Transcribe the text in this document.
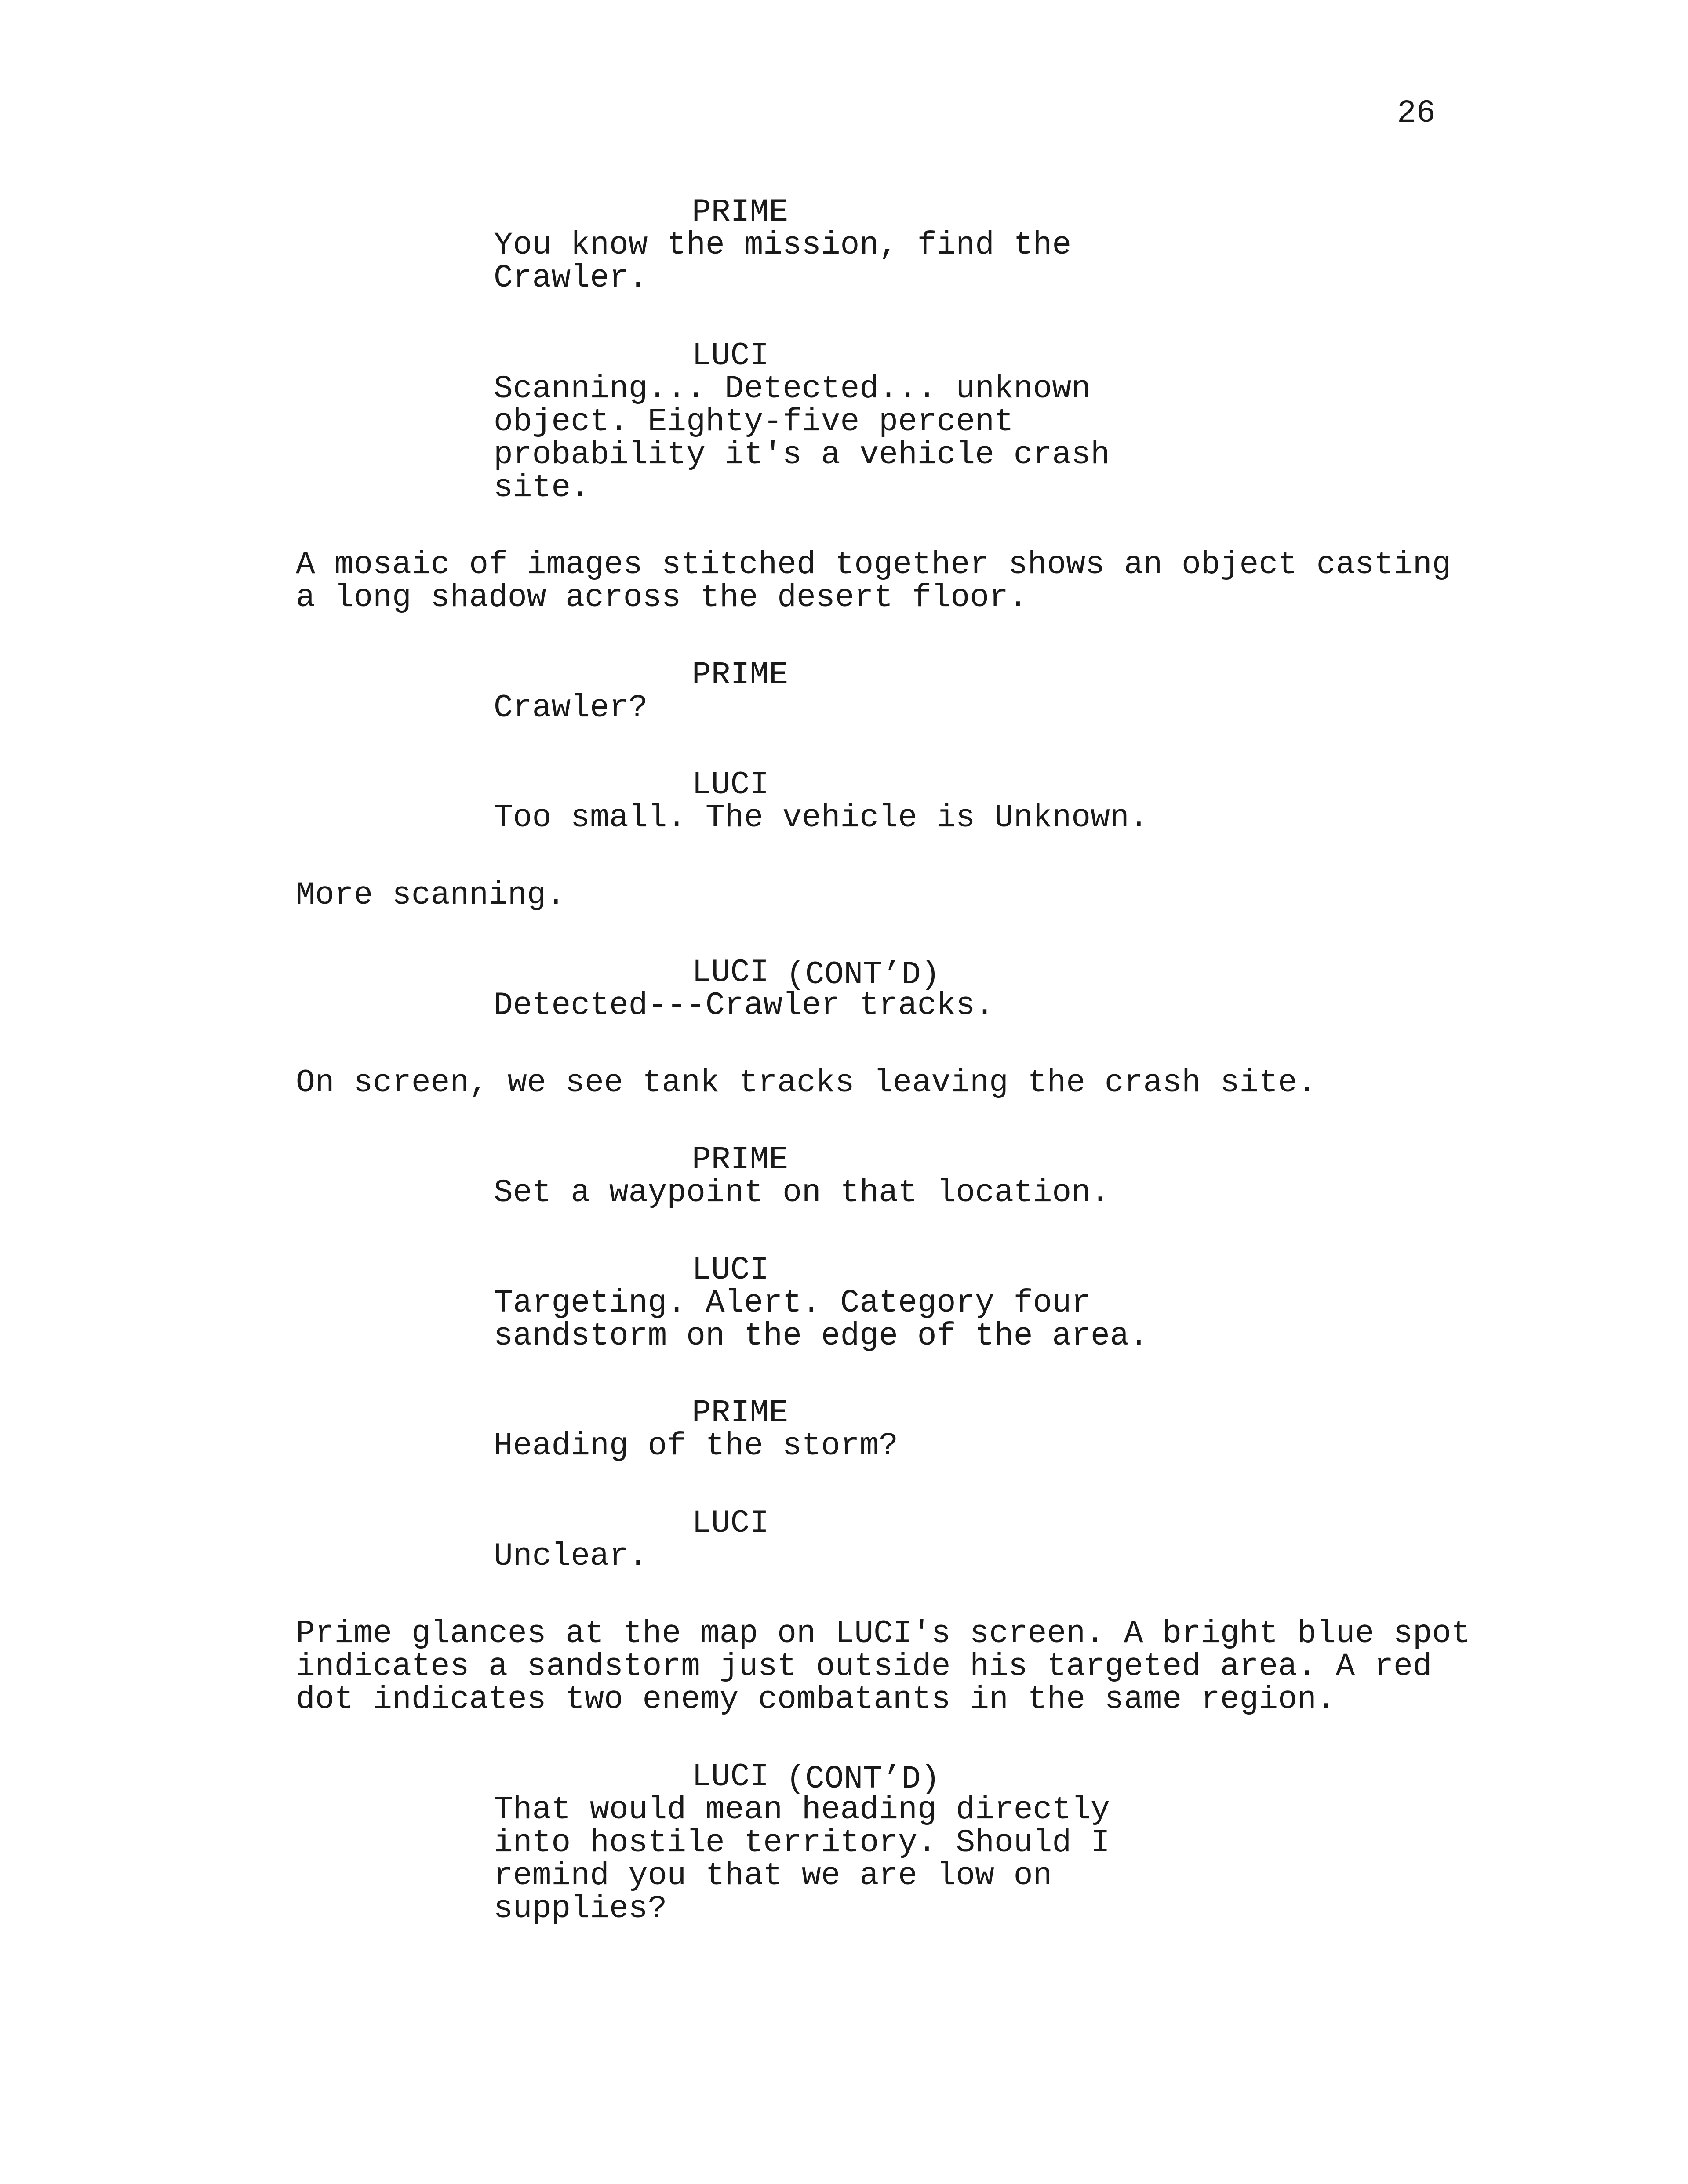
26
PRIME
You know the mission, find the
Crawler.
LUCI
Scanning... Detected... unknown
object. Eighty-five percent
probability it's a vehicle crash
site.
A mosaic of images stitched together shows an object casting
a long shadow across the desert floor.
PRIME
Crawler?
LUCI
Too small. The vehicle is Unknown.
More scanning.
LUCI (CONT’D)
Detected---Crawler tracks.
On screen, we see tank tracks leaving the crash site.
PRIME
Set a waypoint on that location.
LUCI
Targeting. Alert. Category four
sandstorm on the edge of the area.
PRIME
Heading of the storm?
LUCI
Unclear.
Prime glances at the map on LUCI's screen. A bright blue spot
indicates a sandstorm just outside his targeted area. A red
dot indicates two enemy combatants in the same region.
LUCI (CONT’D)
That would mean heading directly
into hostile territory. Should I
remind you that we are low on
supplies?
